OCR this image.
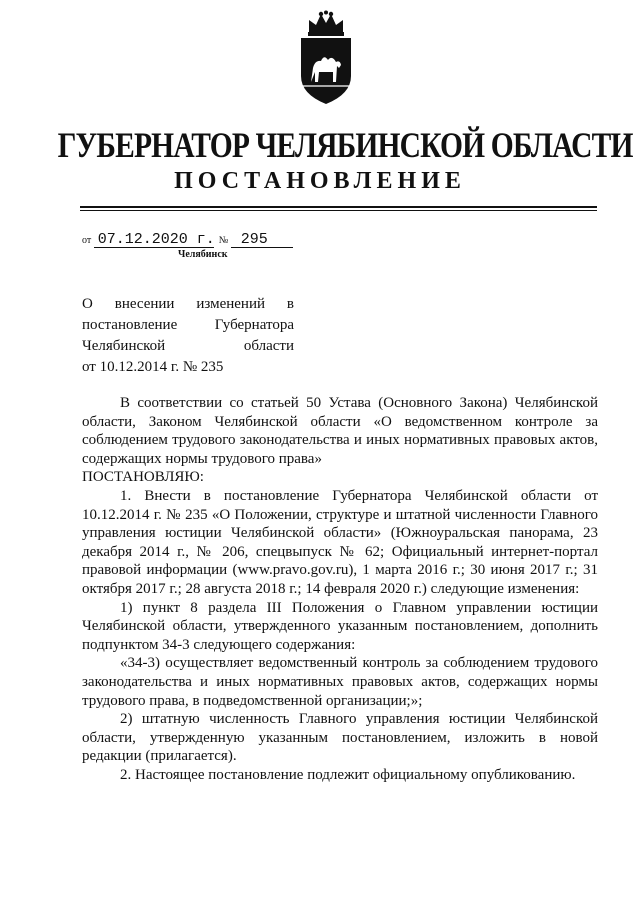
ГУБЕРНАТОР ЧЕЛЯБИНСКОЙ ОБЛАСТИ
ПОСТАНОВЛЕНИЕ
от 07.12.2020 г. № 295
Челябинск
О внесении изменений в постановление Губернатора Челябинской области
от 10.12.2014 г. № 235

В соответствии со статьей 50 Устава (Основного Закона) Челябинской области, Законом Челябинской области «О ведомственном контроле за соблюдением трудового законодательства и иных нормативных правовых актов, содержащих нормы трудового права»

ПОСТАНОВЛЯЮ:

1. Внести в постановление Губернатора Челябинской области от 10.12.2014 г. № 235 «О Положении, структуре и штатной численности Главного управления юстиции Челябинской области» (Южноуральская панорама, 23 декабря 2014 г., № 206, спецвыпуск № 62; Официальный интернет-портал правовой информации (www.pravo.gov.ru), 1 марта 2016 г.; 30 июня 2017 г.; 31 октября 2017 г.; 28 августа 2018 г.; 14 февраля 2020 г.) следующие изменения:

1) пункт 8 раздела III Положения о Главном управлении юстиции Челябинской области, утвержденного указанным постановлением, дополнить подпунктом 34-3 следующего содержания:

«34-3) осуществляет ведомственный контроль за соблюдением трудового законодательства и иных нормативных правовых актов, содержащих нормы трудового права, в подведомственной организации;»;

2) штатную численность Главного управления юстиции Челябинской области, утвержденную указанным постановлением, изложить в новой редакции (прилагается).

2. Настоящее постановление подлежит официальному опубликованию.
